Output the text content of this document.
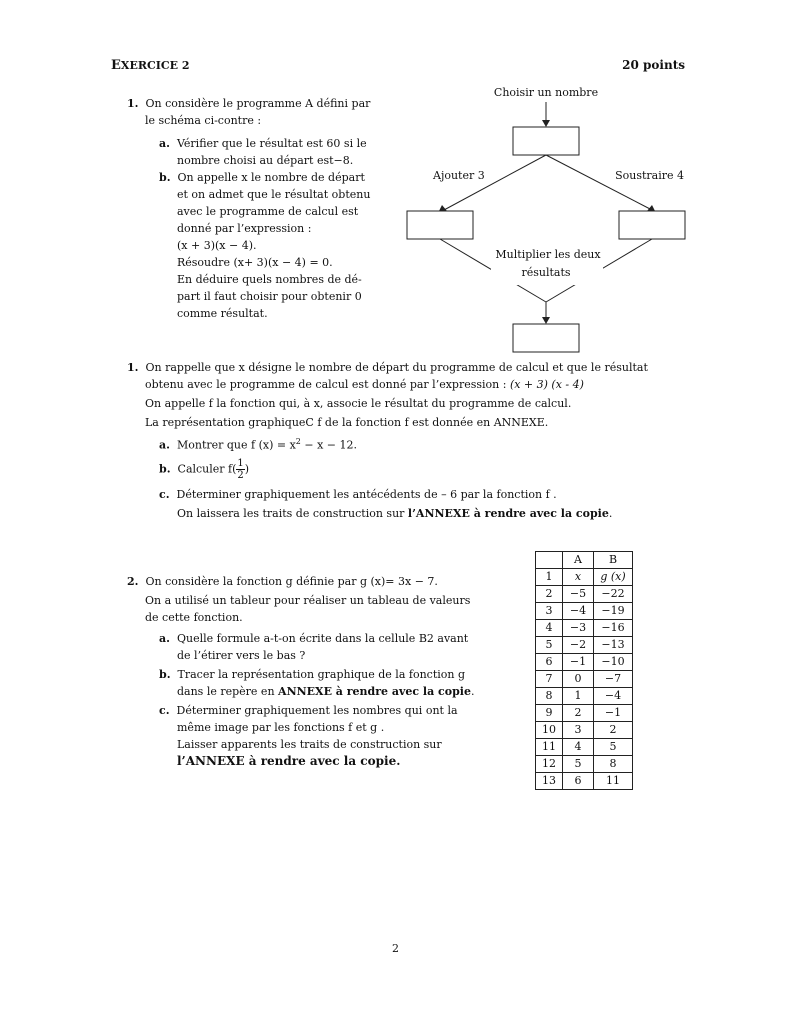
EXERCICE 2	20 points
1. On considère le programme A défini par
le schéma ci-contre :
a. Vérifier que le résultat est 60 si le
nombre choisi au départ est−8.
b. On appelle x le nombre de départ
et on admet que le résultat obtenu
avec le programme de calcul est
donné par l’expression :
(x + 3)(x − 4).
Résoudre (x+ 3)(x − 4) = 0.
En déduire quels nombres de dé-
part il faut choisir pour obtenir 0
comme résultat.
Choisir un nombre
Ajouter 3	Soustraire 4
Multiplier les deux
résultats
1. On rappelle que x désigne le nombre de départ du programme de calcul et que le résultat
obtenu avec le programme de calcul est donné par l’expression : (x + 3) (x - 4)
On appelle f la fonction qui, à x, associe le résultat du programme de calcul.
La représentation graphiqueC f de la fonction f est donnée en ANNEXE.
a. Montrer que f $(x) = x^2 - x - 12$.
b. Calculer $f( \frac{1}{2}$ )
c. Déterminer graphiquement les antécédents de – 6 par la fonction f .
On laissera les traits de construction sur l’ANNEXE à rendre avec la copie.
2. On considère la fonction g définie par g (x)= 3x − 7.
On a utilisé un tableur pour réaliser un tableau de valeurs
de cette fonction.
a. Quelle formule a-t-on écrite dans la cellule B2 avant
de l’étirer vers le bas ?
b. Tracer la représentation graphique de la fonction g
dans le repère en ANNEXE à rendre avec la copie.
c. Déterminer graphiquement les nombres qui ont la
même image par les fonctions f et g .
Laisser apparents les traits de construction sur
l’ANNEXE à rendre avec la copie.
	A	B
1	x	g (x)
2	−5	−22
3	−4	−19
4	−3	−16
5	−2	−13
6	−1	−10
7	0	−7
8	1	−4
9	2	−1
10	3	2
11	4	5
12	5	8
13	6	11
2
